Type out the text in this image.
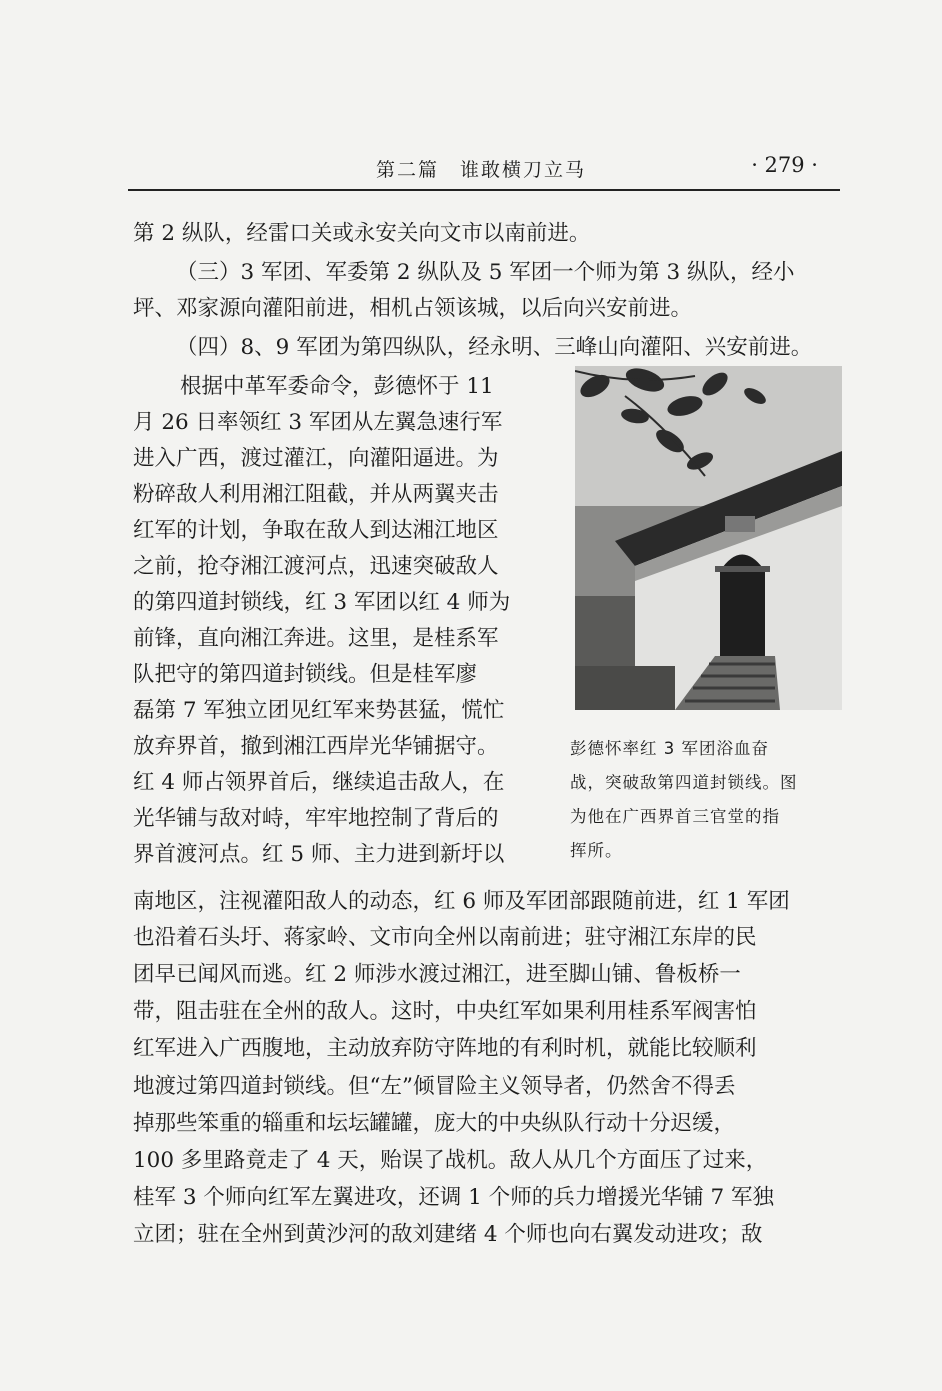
第二篇　谁敢横刀立马	· 279 ·
第 2 纵队，经雷口关或永安关向文市以南前进。
（三）3 军团、军委第 2 纵队及 5 军团一个师为第 3 纵队，经小
坪、邓家源向灌阳前进，相机占领该城，以后向兴安前进。
（四）8、9 军团为第四纵队，经永明、三峰山向灌阳、兴安前进。
根据中革军委命令，彭德怀于 11
月 26 日率领红 3 军团从左翼急速行军
进入广西，渡过灌江，向灌阳逼进。为
粉碎敌人利用湘江阻截，并从两翼夹击
红军的计划，争取在敌人到达湘江地区
之前，抢夺湘江渡河点，迅速突破敌人
的第四道封锁线，红 3 军团以红 4 师为
前锋，直向湘江奔进。这里，是桂系军
队把守的第四道封锁线。但是桂军廖
磊第 7 军独立团见红军来势甚猛，慌忙
放弃界首，撤到湘江西岸光华铺据守。
红 4 师占领界首后，继续追击敌人，在
光华铺与敌对峙，牢牢地控制了背后的
界首渡河点。红 5 师、主力进到新圩以
彭德怀率红 3 军团浴血奋
战，突破敌第四道封锁线。图
为他在广西界首三官堂的指
挥所。
南地区，注视灌阳敌人的动态，红 6 师及军团部跟随前进，红 1 军团
也沿着石头圩、蒋家岭、文市向全州以南前进；驻守湘江东岸的民
团早已闻风而逃。红 2 师涉水渡过湘江，进至脚山铺、鲁板桥一
带，阻击驻在全州的敌人。这时，中央红军如果利用桂系军阀害怕
红军进入广西腹地，主动放弃防守阵地的有利时机，就能比较顺利
地渡过第四道封锁线。但“左”倾冒险主义领导者，仍然舍不得丢
掉那些笨重的辎重和坛坛罐罐，庞大的中央纵队行动十分迟缓，
100 多里路竟走了 4 天，贻误了战机。敌人从几个方面压了过来，
桂军 3 个师向红军左翼进攻，还调 1 个师的兵力增援光华铺 7 军独
立团；驻在全州到黄沙河的敌刘建绪 4 个师也向右翼发动进攻；敌
